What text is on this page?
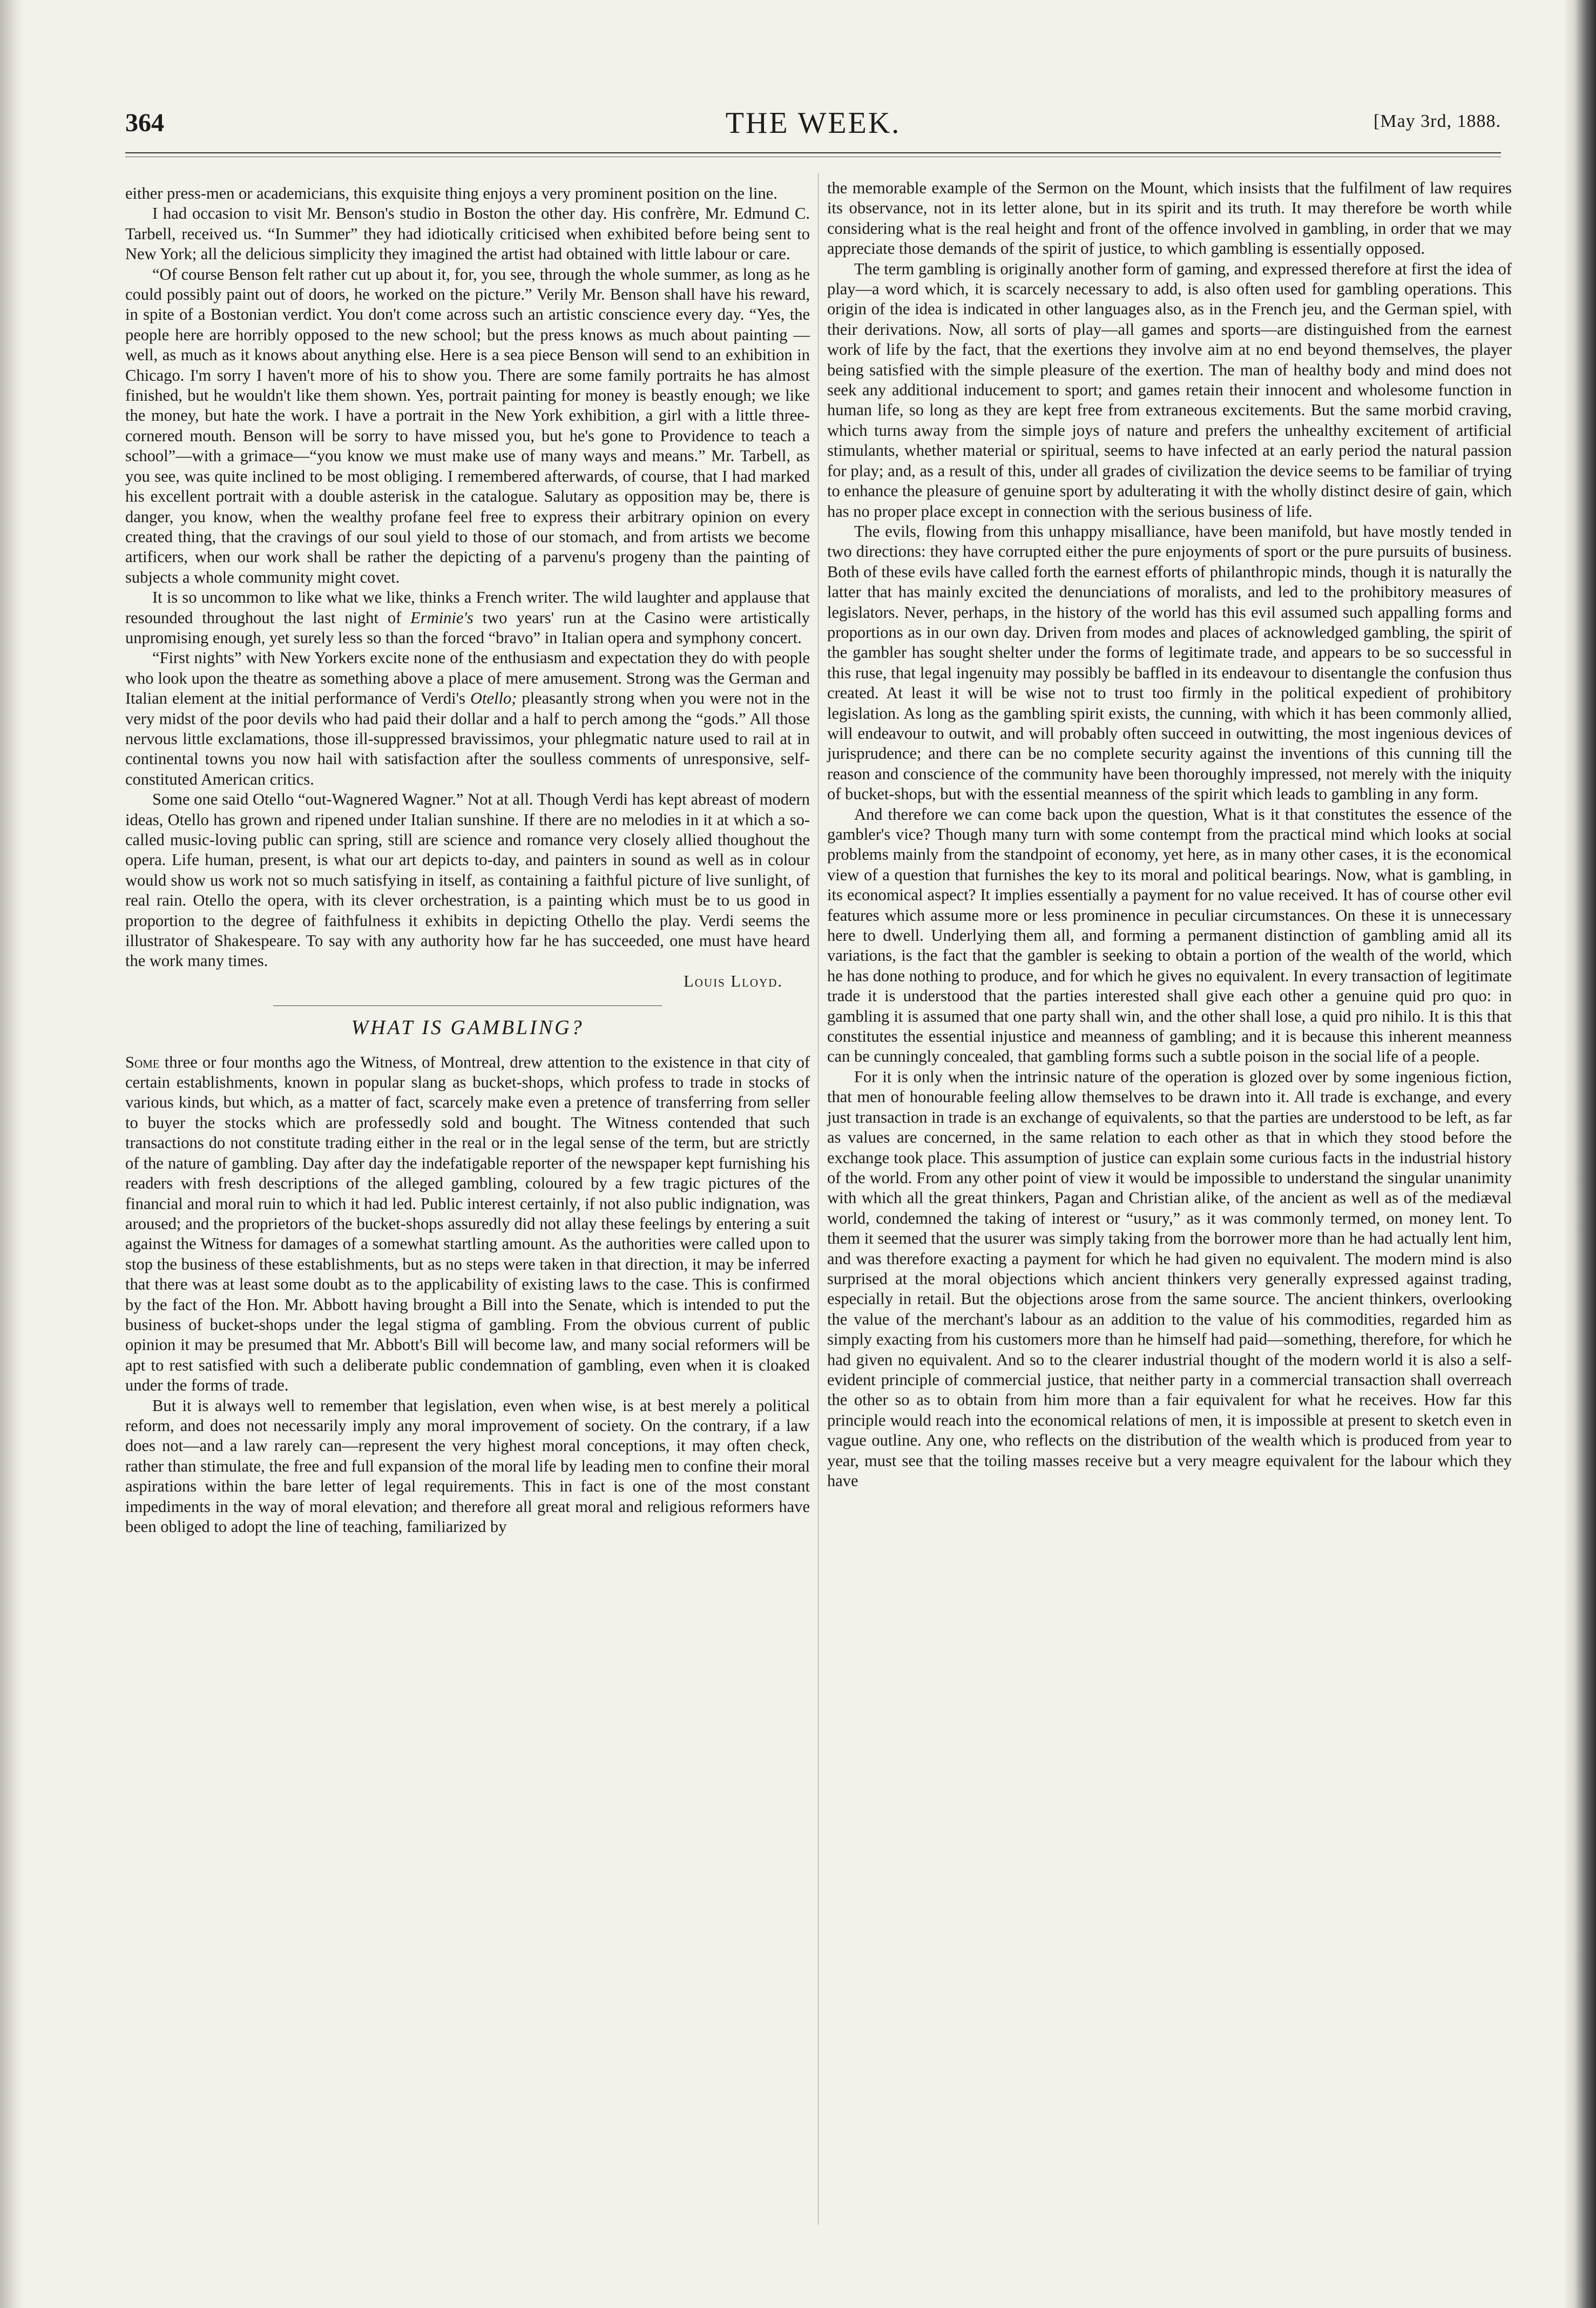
364	THE WEEK.	[May 3rd, 1888.

either press-men or academicians, this exquisite thing enjoys a very prominent position on the line.

I had occasion to visit Mr. Benson's studio in Boston the other day. His confrère, Mr. Edmund C. Tarbell, received us. “In Summer” they had idiotically criticised when exhibited before being sent to New York; all the delicious simplicity they imagined the artist had obtained with little labour or care.

“Of course Benson felt rather cut up about it, for, you see, through the whole summer, as long as he could possibly paint out of doors, he worked on the picture.” Verily Mr. Benson shall have his reward, in spite of a Bostonian verdict. You don't come across such an artistic conscience every day. “Yes, the people here are horribly opposed to the new school; but the press knows as much about painting — well, as much as it knows about anything else. Here is a sea piece Benson will send to an exhibition in Chicago. I'm sorry I haven't more of his to show you. There are some family portraits he has almost finished, but he wouldn't like them shown. Yes, portrait painting for money is beastly enough; we like the money, but hate the work. I have a portrait in the New York exhibition, a girl with a little three-cornered mouth. Benson will be sorry to have missed you, but he's gone to Providence to teach a school”—with a grimace—“you know we must make use of many ways and means.” Mr. Tarbell, as you see, was quite inclined to be most obliging. I remembered afterwards, of course, that I had marked his excellent portrait with a double asterisk in the catalogue. Salutary as opposition may be, there is danger, you know, when the wealthy profane feel free to express their arbitrary opinion on every created thing, that the cravings of our soul yield to those of our stomach, and from artists we become artificers, when our work shall be rather the depicting of a parvenu's progeny than the painting of subjects a whole community might covet.

It is so uncommon to like what we like, thinks a French writer. The wild laughter and applause that resounded throughout the last night of Erminie's two years' run at the Casino were artistically unpromising enough, yet surely less so than the forced “bravo” in Italian opera and symphony concert.

“First nights” with New Yorkers excite none of the enthusiasm and expectation they do with people who look upon the theatre as something above a place of mere amusement. Strong was the German and Italian element at the initial performance of Verdi's Otello; pleasantly strong when you were not in the very midst of the poor devils who had paid their dollar and a half to perch among the “gods.” All those nervous little exclamations, those ill-suppressed bravissimos, your phlegmatic nature used to rail at in continental towns you now hail with satisfaction after the soulless comments of unresponsive, self-constituted American critics.

Some one said Otello “out-Wagnered Wagner.” Not at all. Though Verdi has kept abreast of modern ideas, Otello has grown and ripened under Italian sunshine. If there are no melodies in it at which a so-called music-loving public can spring, still are science and romance very closely allied thoughout the opera. Life human, present, is what our art depicts to-day, and painters in sound as well as in colour would show us work not so much satisfying in itself, as containing a faithful picture of live sunlight, of real rain. Otello the opera, with its clever orchestration, is a painting which must be to us good in proportion to the degree of faithfulness it exhibits in depicting Othello the play. Verdi seems the illustrator of Shakespeare. To say with any authority how far he has succeeded, one must have heard the work many times.

Louis Lloyd.
WHAT IS GAMBLING?

Some three or four months ago the Witness, of Montreal, drew attention to the existence in that city of certain establishments, known in popular slang as bucket-shops, which profess to trade in stocks of various kinds, but which, as a matter of fact, scarcely make even a pretence of transferring from seller to buyer the stocks which are professedly sold and bought. The Witness contended that such transactions do not constitute trading either in the real or in the legal sense of the term, but are strictly of the nature of gambling. Day after day the indefatigable reporter of the newspaper kept furnishing his readers with fresh descriptions of the alleged gambling, coloured by a few tragic pictures of the financial and moral ruin to which it had led. Public interest certainly, if not also public indignation, was aroused; and the proprietors of the bucket-shops assuredly did not allay these feelings by entering a suit against the Witness for damages of a somewhat startling amount. As the authorities were called upon to stop the business of these establishments, but as no steps were taken in that direction, it may be inferred that there was at least some doubt as to the applicability of existing laws to the case. This is confirmed by the fact of the Hon. Mr. Abbott having brought a Bill into the Senate, which is intended to put the business of bucket-shops under the legal stigma of gambling. From the obvious current of public opinion it may be presumed that Mr. Abbott's Bill will become law, and many social reformers will be apt to rest satisfied with such a deliberate public condemnation of gambling, even when it is cloaked under the forms of trade.

But it is always well to remember that legislation, even when wise, is at best merely a political reform, and does not necessarily imply any moral improvement of society. On the contrary, if a law does not—and a law rarely can—represent the very highest moral conceptions, it may often check, rather than stimulate, the free and full expansion of the moral life by leading men to confine their moral aspirations within the bare letter of legal requirements. This in fact is one of the most constant impediments in the way of moral elevation; and therefore all great moral and religious reformers have been obliged to adopt the line of teaching, familiarized by

the memorable example of the Sermon on the Mount, which insists that the fulfilment of law requires its observance, not in its letter alone, but in its spirit and its truth. It may therefore be worth while considering what is the real height and front of the offence involved in gambling, in order that we may appreciate those demands of the spirit of justice, to which gambling is essentially opposed.

The term gambling is originally another form of gaming, and expressed therefore at first the idea of play—a word which, it is scarcely necessary to add, is also often used for gambling operations. This origin of the idea is indicated in other languages also, as in the French jeu, and the German spiel, with their derivations. Now, all sorts of play—all games and sports—are distinguished from the earnest work of life by the fact, that the exertions they involve aim at no end beyond themselves, the player being satisfied with the simple pleasure of the exertion. The man of healthy body and mind does not seek any additional inducement to sport; and games retain their innocent and wholesome function in human life, so long as they are kept free from extraneous excitements. But the same morbid craving, which turns away from the simple joys of nature and prefers the unhealthy excitement of artificial stimulants, whether material or spiritual, seems to have infected at an early period the natural passion for play; and, as a result of this, under all grades of civilization the device seems to be familiar of trying to enhance the pleasure of genuine sport by adulterating it with the wholly distinct desire of gain, which has no proper place except in connection with the serious business of life.

The evils, flowing from this unhappy misalliance, have been manifold, but have mostly tended in two directions: they have corrupted either the pure enjoyments of sport or the pure pursuits of business. Both of these evils have called forth the earnest efforts of philanthropic minds, though it is naturally the latter that has mainly excited the denunciations of moralists, and led to the prohibitory measures of legislators. Never, perhaps, in the history of the world has this evil assumed such appalling forms and proportions as in our own day. Driven from modes and places of acknowledged gambling, the spirit of the gambler has sought shelter under the forms of legitimate trade, and appears to be so successful in this ruse, that legal ingenuity may possibly be baffled in its endeavour to disentangle the confusion thus created. At least it will be wise not to trust too firmly in the political expedient of prohibitory legislation. As long as the gambling spirit exists, the cunning, with which it has been commonly allied, will endeavour to outwit, and will probably often succeed in outwitting, the most ingenious devices of jurisprudence; and there can be no complete security against the inventions of this cunning till the reason and conscience of the community have been thoroughly impressed, not merely with the iniquity of bucket-shops, but with the essential meanness of the spirit which leads to gambling in any form.

And therefore we can come back upon the question, What is it that constitutes the essence of the gambler's vice? Though many turn with some contempt from the practical mind which looks at social problems mainly from the standpoint of economy, yet here, as in many other cases, it is the economical view of a question that furnishes the key to its moral and political bearings. Now, what is gambling, in its economical aspect? It implies essentially a payment for no value received. It has of course other evil features which assume more or less prominence in peculiar circumstances. On these it is unnecessary here to dwell. Underlying them all, and forming a permanent distinction of gambling amid all its variations, is the fact that the gambler is seeking to obtain a portion of the wealth of the world, which he has done nothing to produce, and for which he gives no equivalent. In every transaction of legitimate trade it is understood that the parties interested shall give each other a genuine quid pro quo: in gambling it is assumed that one party shall win, and the other shall lose, a quid pro nihilo. It is this that constitutes the essential injustice and meanness of gambling; and it is because this inherent meanness can be cunningly concealed, that gambling forms such a subtle poison in the social life of a people.

For it is only when the intrinsic nature of the operation is glozed over by some ingenious fiction, that men of honourable feeling allow themselves to be drawn into it. All trade is exchange, and every just transaction in trade is an exchange of equivalents, so that the parties are understood to be left, as far as values are concerned, in the same relation to each other as that in which they stood before the exchange took place. This assumption of justice can explain some curious facts in the industrial history of the world. From any other point of view it would be impossible to understand the singular unanimity with which all the great thinkers, Pagan and Christian alike, of the ancient as well as of the mediæval world, condemned the taking of interest or “usury,” as it was commonly termed, on money lent. To them it seemed that the usurer was simply taking from the borrower more than he had actually lent him, and was therefore exacting a payment for which he had given no equivalent. The modern mind is also surprised at the moral objections which ancient thinkers very generally expressed against trading, especially in retail. But the objections arose from the same source. The ancient thinkers, overlooking the value of the merchant's labour as an addition to the value of his commodities, regarded him as simply exacting from his customers more than he himself had paid—something, therefore, for which he had given no equivalent. And so to the clearer industrial thought of the modern world it is also a self-evident principle of commercial justice, that neither party in a commercial transaction shall overreach the other so as to obtain from him more than a fair equivalent for what he receives. How far this principle would reach into the economical relations of men, it is impossible at present to sketch even in vague outline. Any one, who reflects on the distribution of the wealth which is produced from year to year, must see that the toiling masses receive but a very meagre equivalent for the labour which they have
